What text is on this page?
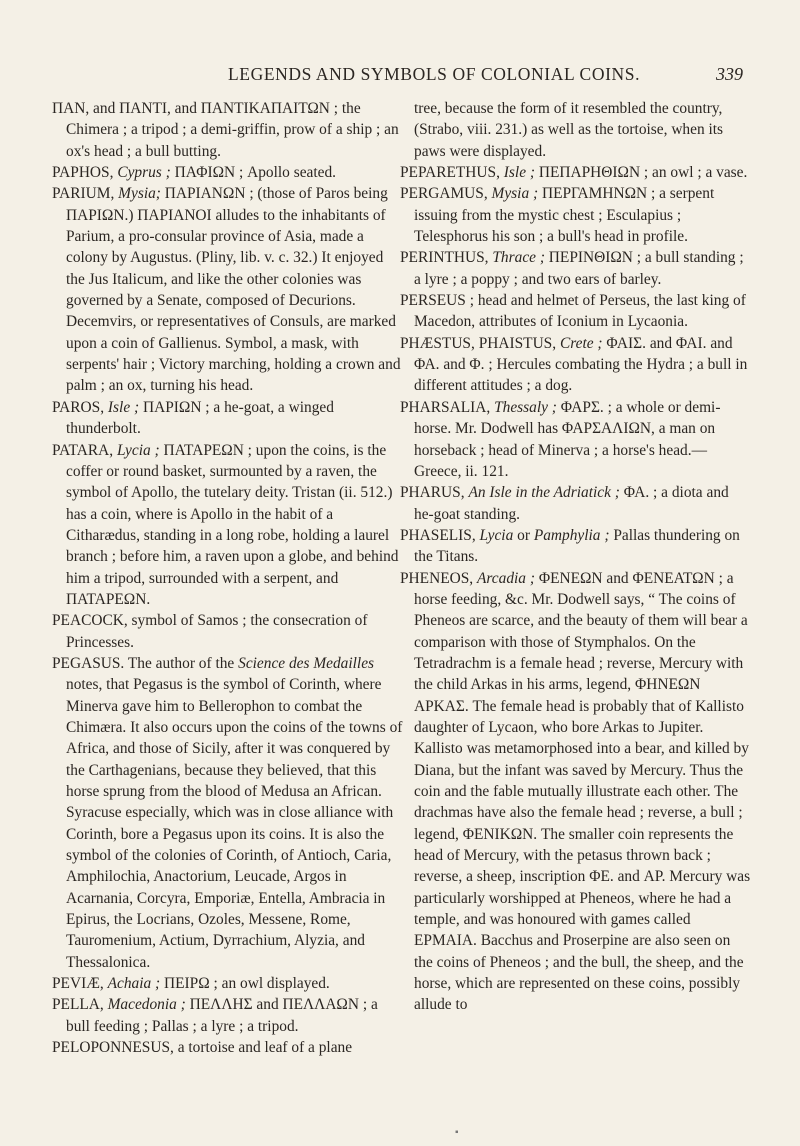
LEGENDS AND SYMBOLS OF COLONIAL COINS.	339

ΠΑΝ, and ΠΑΝΤΙ, and ΠΑΝΤΙΚΑΠΑΙΤΩΝ ; the Chimera ; a tripod ; a demi-griffin, prow of a ship ; an ox's head ; a bull butting.

PAPHOS, Cyprus ; ΠΑΦΙΩΝ ; Apollo seated.

PARIUM, Mysia; ΠΑΡΙΑΝΩΝ ; (those of Paros being ΠΑΡΙΩΝ.) ΠΑΡΙΑΝΟΙ alludes to the inhabitants of Parium, a pro-consular province of Asia, made a colony by Augustus. (Pliny, lib. v. c. 32.) It enjoyed the Jus Italicum, and like the other colonies was governed by a Senate, composed of Decurions. Decemvirs, or representatives of Consuls, are marked upon a coin of Gallienus. Symbol, a mask, with serpents' hair ; Victory marching, holding a crown and palm ; an ox, turning his head.

PAROS, Isle ; ΠΑΡΙΩΝ ; a he-goat, a winged thunderbolt.

PATARA, Lycia ; ΠΑΤΑΡΕΩΝ ; upon the coins, is the coffer or round basket, surmounted by a raven, the symbol of Apollo, the tutelary deity. Tristan (ii. 512.) has a coin, where is Apollo in the habit of a Citharædus, standing in a long robe, holding a laurel branch ; before him, a raven upon a globe, and behind him a tripod, surrounded with a serpent, and ΠΑΤΑΡΕΩΝ.

PEACOCK, symbol of Samos ; the consecration of Princesses.

PEGASUS. The author of the Science des Medailles notes, that Pegasus is the symbol of Corinth, where Minerva gave him to Bellerophon to combat the Chimæra. It also occurs upon the coins of the towns of Africa, and those of Sicily, after it was conquered by the Carthagenians, because they believed, that this horse sprung from the blood of Medusa an African. Syracuse especially, which was in close alliance with Corinth, bore a Pegasus upon its coins. It is also the symbol of the colonies of Corinth, of Antioch, Caria, Amphilochia, Anactorium, Leucade, Argos in Acarnania, Corcyra, Emporiæ, Entella, Ambracia in Epirus, the Locrians, Ozoles, Messene, Rome, Tauromenium, Actium, Dyrrachium, Alyzia, and Thessalonica.

PEVIÆ, Achaia ; ΠΕΙΡΩ ; an owl displayed.

PELLA, Macedonia ; ΠΕΛΛΗΣ and ΠΕΛΛΑΩΝ ; a bull feeding ; Pallas ; a lyre ; a tripod.

PELOPONNESUS, a tortoise and leaf of a plane

tree, because the form of it resembled the country, (Strabo, viii. 231.) as well as the tortoise, when its paws were displayed.

PEPARETHUS, Isle ; ΠΕΠΑΡΗΘΙΩΝ ; an owl ; a vase.

PERGAMUS, Mysia ; ΠΕΡΓΑΜΗΝΩΝ ; a serpent issuing from the mystic chest ; Esculapius ; Telesphorus his son ; a bull's head in profile.

PERINTHUS, Thrace ; ΠΕΡΙΝΘΙΩΝ ; a bull standing ; a lyre ; a poppy ; and two ears of barley.

PERSEUS ; head and helmet of Perseus, the last king of Macedon, attributes of Iconium in Lycaonia.

PHÆSTUS, PHAISTUS, Crete ; ΦΑΙΣ. and ΦΑΙ. and ΦΑ. and Φ. ; Hercules combating the Hydra ; a bull in different attitudes ; a dog.

PHARSALIA, Thessaly ; ΦΑΡΣ. ; a whole or demi-horse. Mr. Dodwell has ΦΑΡΣΑΛΙΩΝ, a man on horseback ; head of Minerva ; a horse's head.— Greece, ii. 121.

PHARUS, An Isle in the Adriatick ; ΦΑ. ; a diota and he-goat standing.

PHASELIS, Lycia or Pamphylia ; Pallas thundering on the Titans.

PHENEOS, Arcadia ; ΦΕΝΕΩΝ and ΦΕΝΕΑΤΩΝ ; a horse feeding, &c. Mr. Dodwell says, “ The coins of Pheneos are scarce, and the beauty of them will bear a comparison with those of Stymphalos. On the Tetradrachm is a female head ; reverse, Mercury with the child Arkas in his arms, legend, ΦΗΝΕΩΝ ΑΡΚΑΣ. The female head is probably that of Kallisto daughter of Lycaon, who bore Arkas to Jupiter. Kallisto was metamorphosed into a bear, and killed by Diana, but the infant was saved by Mercury. Thus the coin and the fable mutually illustrate each other. The drachmas have also the female head ; reverse, a bull ; legend, ΦΕΝΙΚΩΝ. The smaller coin represents the head of Mercury, with the petasus thrown back ; reverse, a sheep, inscription ΦΕ. and ΑΡ. Mercury was particularly worshipped at Pheneos, where he had a temple, and was honoured with games called ΕΡΜΑΙΑ. Bacchus and Proserpine are also seen on the coins of Pheneos ; and the bull, the sheep, and the horse, which are represented on these coins, possibly allude to

▪
